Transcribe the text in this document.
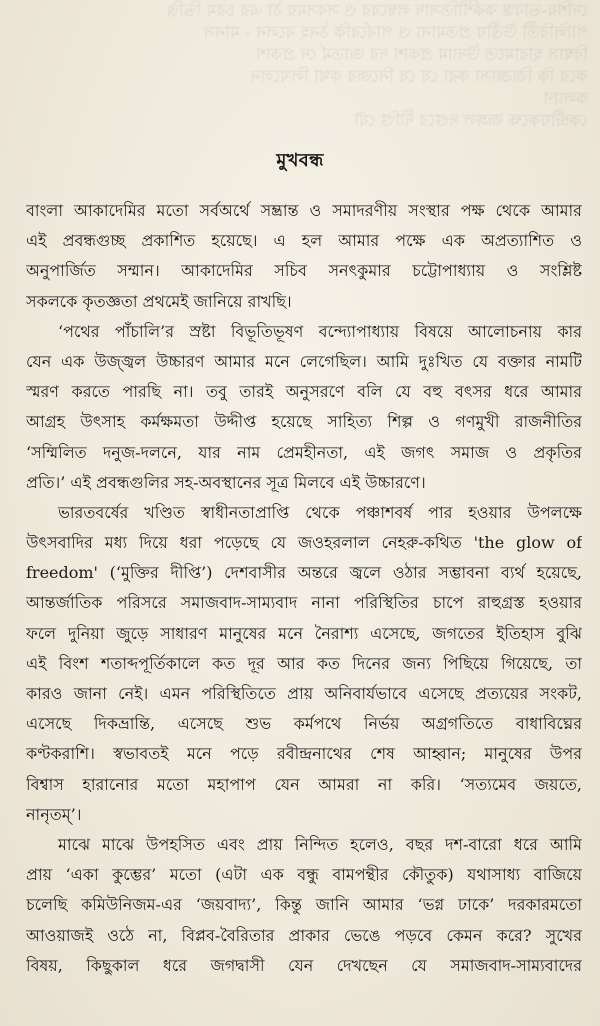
দেশিয়-ভাবস্ত কর্কশীতিসাদ লম্বরের ও সবসময় ঠা এর চরম ভিত্তি
পালিরিতী উত্তীয় প্রতমান্য ও পার্বরেকি ঠনহ বলেন - মানস
বিশ্বাস হারামতে উদ্যাম প্রকাশ দর জাতর্ম দে প্রকাশ
করে কি জিজ্ঞাসা করা যে যে নিজের কথা লিখলেন
কল্যাণ
কেন্দ্রীয়কক্ষে জঙ্গল দপ্তরে দীপ্তি যৌ
মুখবন্ধ
বাংলা আকাদেমির মতো সর্বঅর্থে সম্ভ্রান্ত ও সমাদরণীয় সংস্থার পক্ষ থেকে আমার
এই প্রবন্ধগুচ্ছ প্রকাশিত হয়েছে। এ হল আমার পক্ষে এক অপ্রত্যাশিত ও
অনুপার্জিত সম্মান। আকাদেমির সচিব সনৎকুমার চট্টোপাধ্যায় ও সংশ্লিষ্ট
সকলকে কৃতজ্ঞতা প্রথমেই জানিয়ে রাখছি।
‘পথের পাঁচালি’র স্রষ্টা বিভূতিভূষণ বন্দ্যোপাধ্যায় বিষয়ে আলোচনায় কার
যেন এক উজ্জ্বল উচ্চারণ আমার মনে লেগেছিল। আমি দুঃখিত যে বক্তার নামটি
স্মরণ করতে পারছি না। তবু তারই অনুসরণে বলি যে বহু বৎসর ধরে আমার
আগ্রহ উৎসাহ কর্মক্ষমতা উদ্দীপ্ত হয়েছে সাহিত্য শিল্প ও গণমুখী রাজনীতির
‘সম্মিলিত দনুজ-দলনে, যার নাম প্রেমহীনতা, এই জগৎ সমাজ ও প্রকৃতির
প্রতি।’ এই প্রবন্ধগুলির সহ-অবস্থানের সূত্র মিলবে এই উচ্চারণে।
ভারতবর্ষের খণ্ডিত স্বাধীনতাপ্রাপ্তি থেকে পঞ্চাশবর্ষ পার হওয়ার উপলক্ষে
উৎসবাদির মধ্য দিয়ে ধরা পড়েছে যে জওহরলাল নেহরু-কথিত 'the glow of
freedom' (‘মুক্তির দীপ্তি’) দেশবাসীর অন্তরে জ্বলে ওঠার সম্ভাবনা ব্যর্থ হয়েছে,
আন্তর্জাতিক পরিসরে সমাজবাদ-সাম্যবাদ নানা পরিস্থিতির চাপে রাহুগ্রস্ত হওয়ার
ফলে দুনিয়া জুড়ে সাধারণ মানুষের মনে নৈরাশ্য এসেছে, জগতের ইতিহাস বুঝি
এই বিংশ শতাব্দপূর্তিকালে কত দূর আর কত দিনের জন্য পিছিয়ে গিয়েছে, তা
কারও জানা নেই। এমন পরিস্থিতিতে প্রায় অনিবার্যভাবে এসেছে প্রত্যয়ের সংকট,
এসেছে দিকভ্রান্তি, এসেছে শুভ কর্মপথে নির্ভয় অগ্রগতিতে বাধাবিঘ্নের
কণ্টকরাশি। স্বভাবতই মনে পড়ে রবীন্দ্রনাথের শেষ আহ্বান; মানুষের উপর
বিশ্বাস হারানোর মতো মহাপাপ যেন আমরা না করি। ‘সত্যমেব জয়তে,
নানৃতম্’।
মাঝে মাঝে উপহসিত এবং প্রায় নিন্দিত হলেও, বছর দশ-বারো ধরে আমি
প্রায় ‘একা কুম্ভের’ মতো (এটা এক বন্ধু বামপন্থীর কৌতুক) যথাসাধ্য বাজিয়ে
চলেছি কমিউনিজম-এর ‘জয়বাদ্য’, কিন্তু জানি আমার ‘ভগ্ন ঢাকে’ দরকারমতো
আওয়াজই ওঠে না, বিপ্লব-বৈরিতার প্রাকার ভেঙে পড়বে কেমন করে? সুখের
বিষয়, কিছুকাল ধরে জগদ্বাসী যেন দেখছেন যে সমাজবাদ-সাম্যবাদের
